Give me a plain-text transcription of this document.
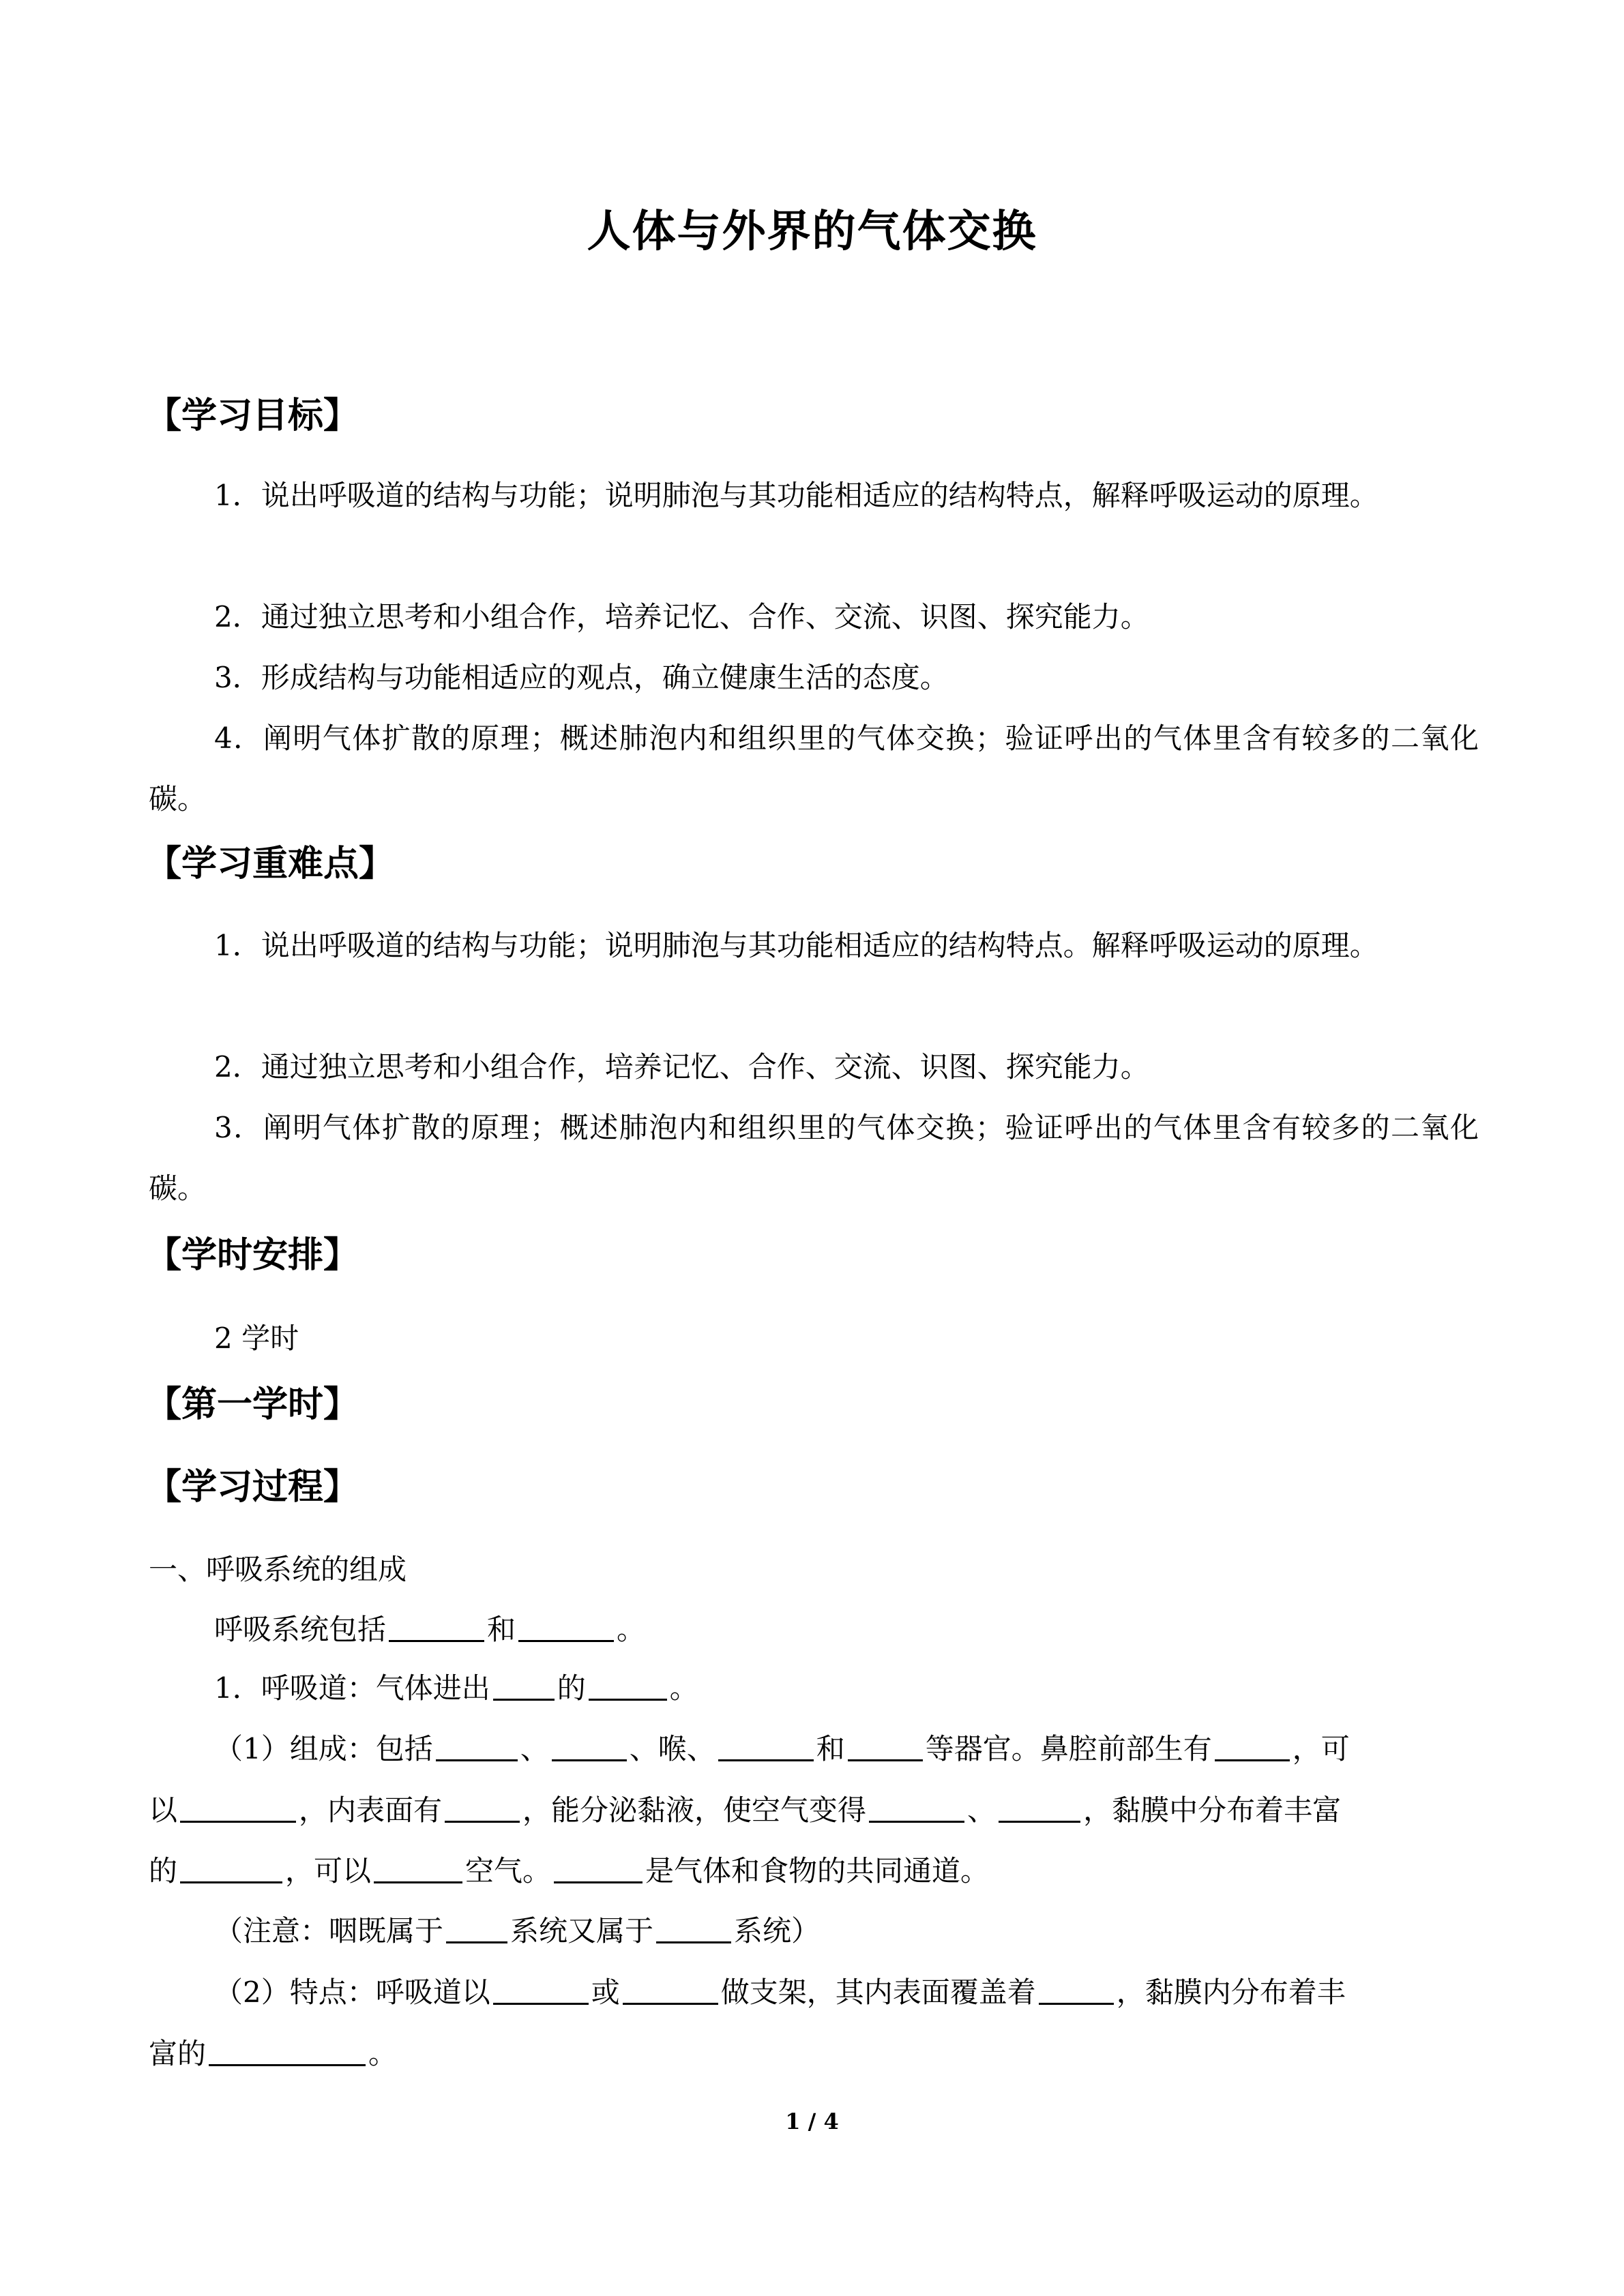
人体与外界的气体交换
【学习目标】
1．说出呼吸道的结构与功能；说明肺泡与其功能相适应的结构特点，解释呼吸运动的原理。
2．通过独立思考和小组合作，培养记忆、合作、交流、识图、探究能力。
3．形成结构与功能相适应的观点，确立健康生活的态度。
4．阐明气体扩散的原理；概述肺泡内和组织里的气体交换；验证呼出的气体里含有较多的二氧化碳。
【学习重难点】
1．说出呼吸道的结构与功能；说明肺泡与其功能相适应的结构特点。解释呼吸运动的原理。
2．通过独立思考和小组合作，培养记忆、合作、交流、识图、探究能力。
3．阐明气体扩散的原理；概述肺泡内和组织里的气体交换；验证呼出的气体里含有较多的二氧化碳。
【学时安排】
2 学时
【第一学时】
【学习过程】
一、呼吸系统的组成
呼吸系统包括	和	。
1．呼吸道：气体进出 的	。
（1）组成：包括	、	、喉、	和	等器官。鼻腔前部生有	，可
以	，内表面有	，能分泌黏液，使空气变得	、	，黏膜中分布着丰富
的	，可以	空气。	是气体和食物的共同通道。
（注意：咽既属于 系统又属于	系统）
（2）特点：呼吸道以	或	做支架，其内表面覆盖着	，黏膜内分布着丰
富的	。
1 / 4
